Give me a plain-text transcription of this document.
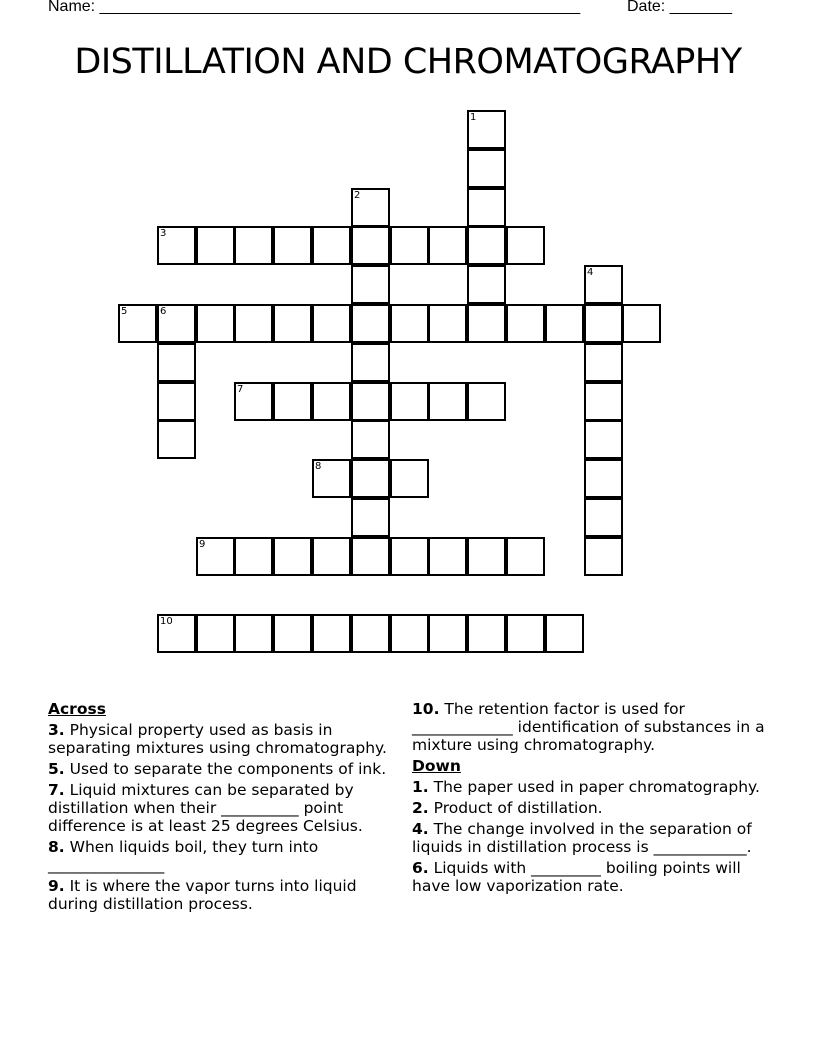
Name: ______________________________________________________	Date: _______
DISTILLATION AND CHROMATOGRAPHY
3
5	6
7
8
9
10
1
2
4
Across
3. Physical property used as basis in separating mixtures using chromatography.
5. Used to separate the components of ink.
7. Liquid mixtures can be separated by distillation when their __________ point difference is at least 25 degrees Celsius.
8. When liquids boil, they turn into _______________
9. It is where the vapor turns into liquid during distillation process.
10. The retention factor is used for _____________ identification of substances in a mixture using chromatography.
Down
1. The paper used in paper chromatography.
2. Product of distillation.
4. The change involved in the separation of liquids in distillation process is ____________.
6. Liquids with _________ boiling points will have low vaporization rate.
